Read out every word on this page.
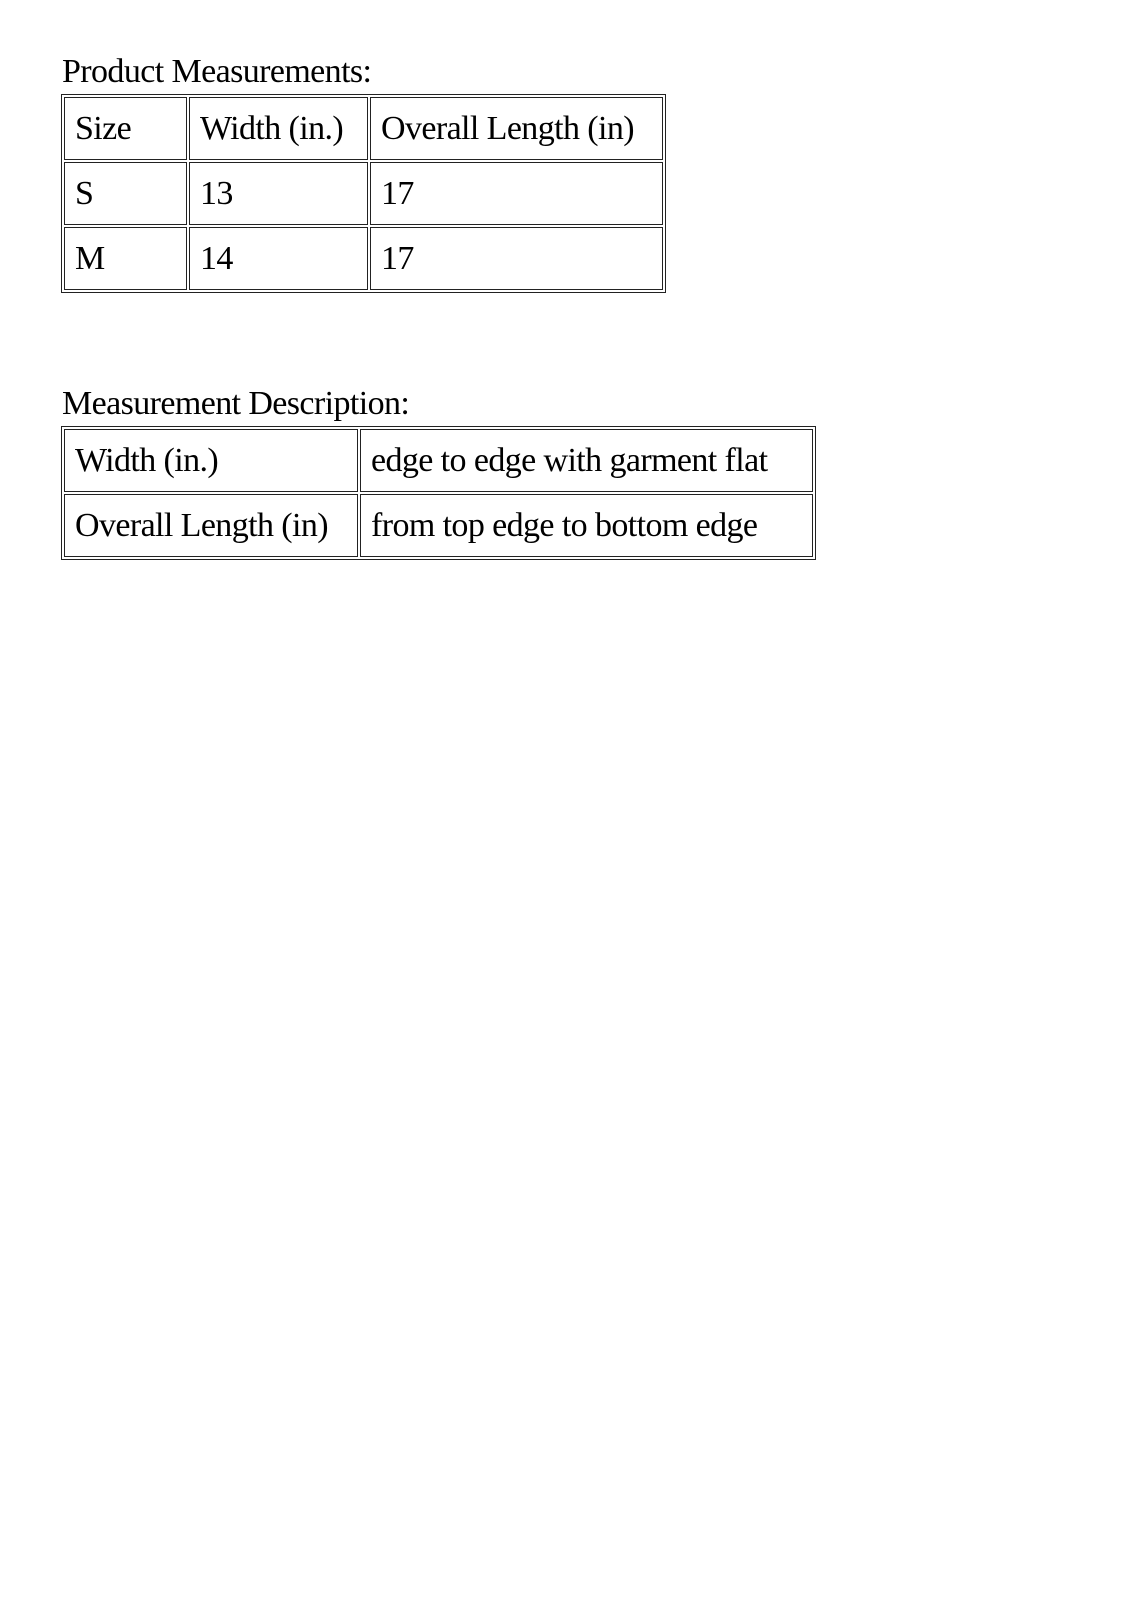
Product Measurements:
Size	Width (in.)	Overall Length (in)
S	13	17
M	14	17
Measurement Description:
Width (in.)	edge to edge with garment flat
Overall Length (in)	from top edge to bottom edge
